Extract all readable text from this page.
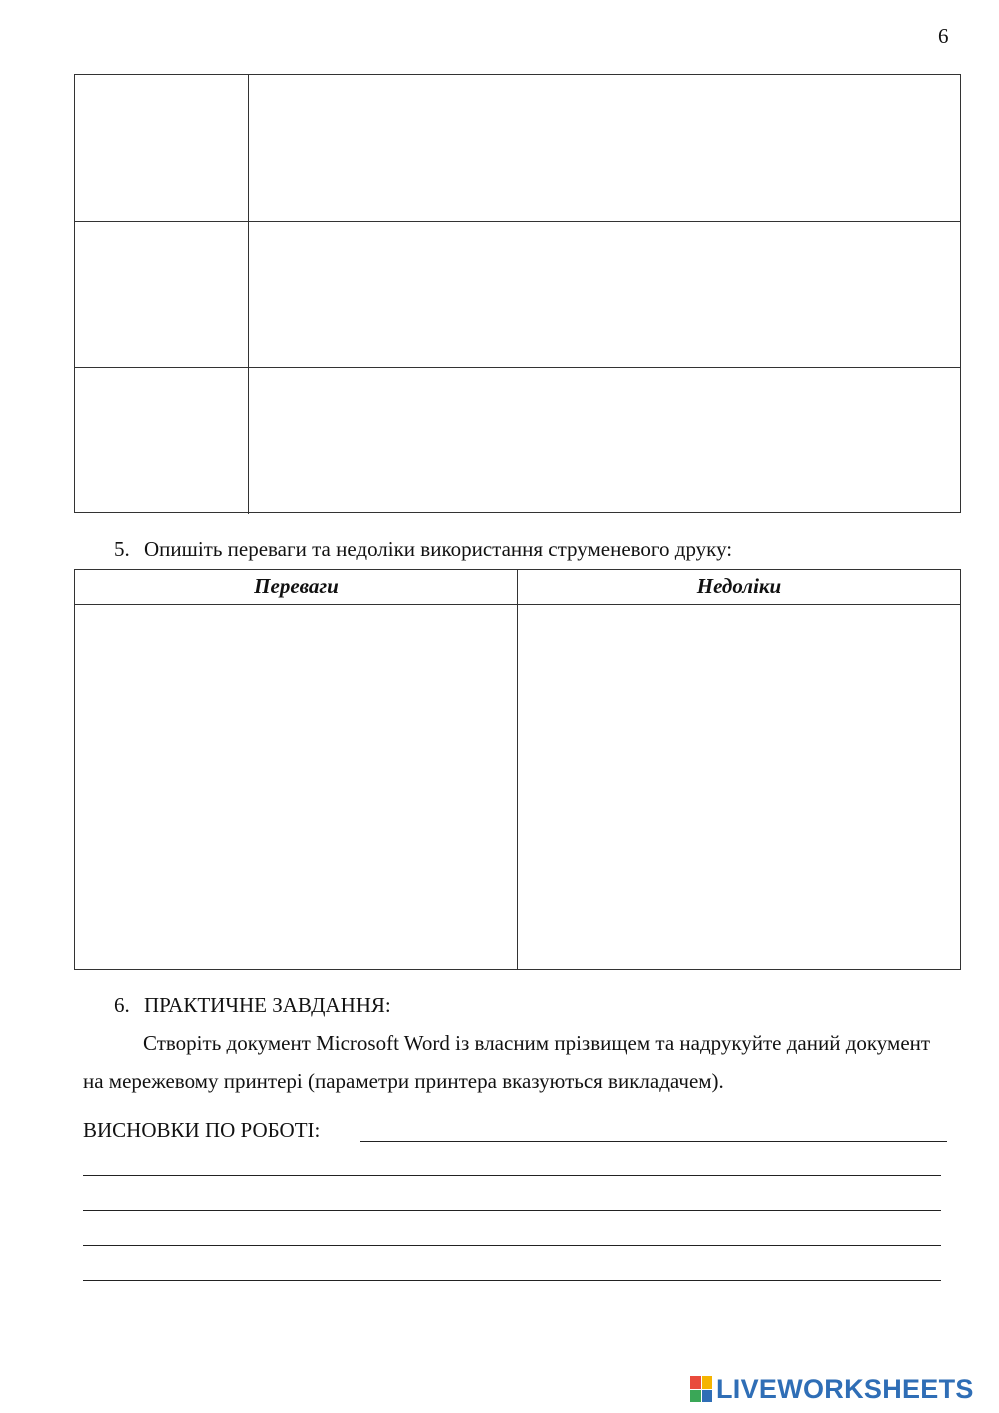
6
5. Опишіть переваги та недоліки використання струменевого друку:
Переваги	Недоліки
6. ПРАКТИЧНЕ ЗАВДАННЯ:
Створіть документ Microsoft Word із власним прізвищем та надрукуйте даний документ на мережевому принтері (параметри принтера вказуються викладачем).
ВИСНОВКИ ПО РОБОТІ:
LIVEWORKSHEETS
